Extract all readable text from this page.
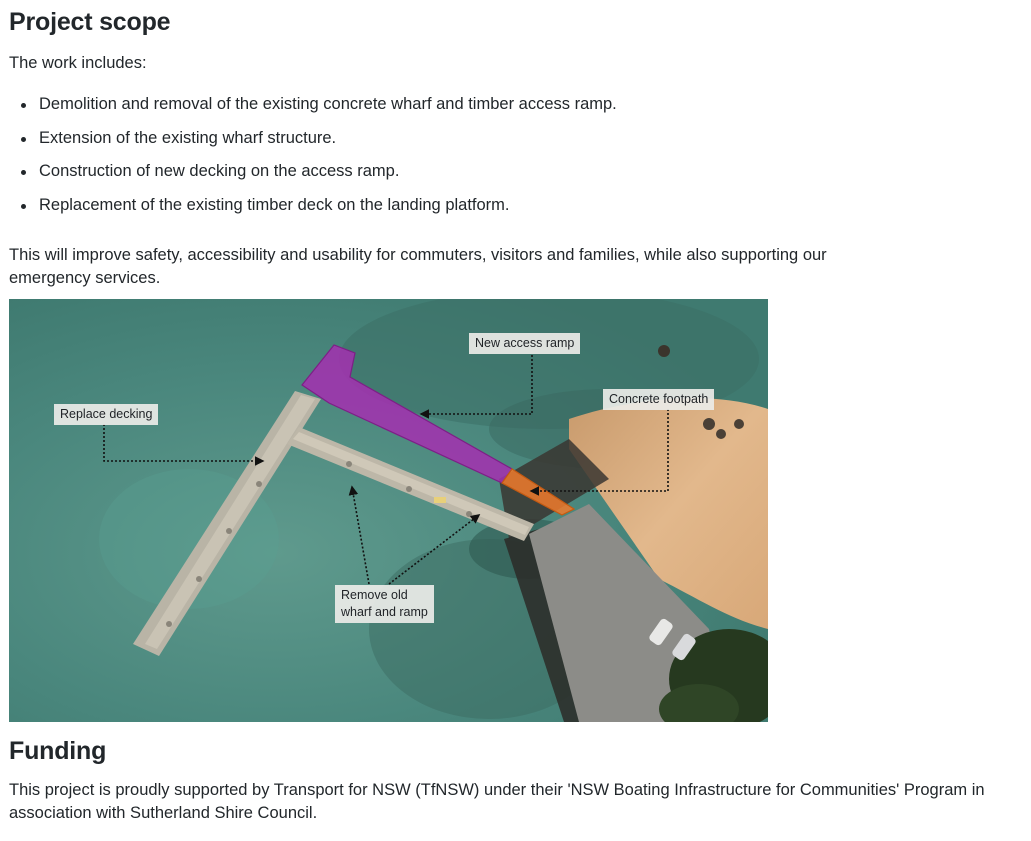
Project scope

The work includes:

Demolition and removal of the existing concrete wharf and timber access ramp.
Extension of the existing wharf structure.
Construction of new decking on the access ramp.
Replacement of the existing timber deck on the landing platform.

This will improve safety, accessibility and usability for commuters, visitors and families, while also supporting our emergency services.

New access ramp
Concrete footpath
Replace decking
Remove old
wharf and ramp
Funding

This project is proudly supported by Transport for NSW (TfNSW) under their 'NSW Boating Infrastructure for Communities' Program in association with Sutherland Shire Council.
